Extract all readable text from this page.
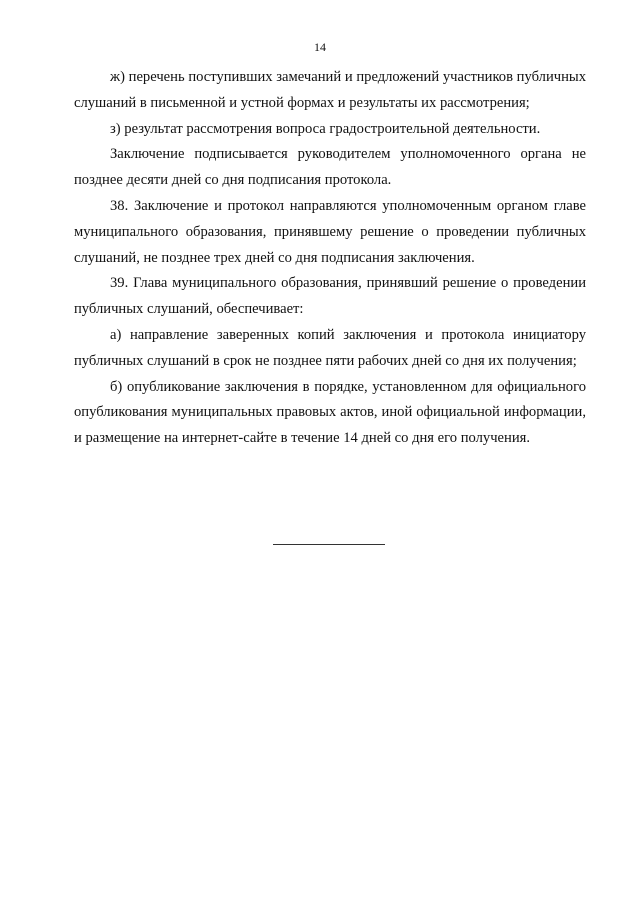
14

ж) перечень поступивших замечаний и предложений участников публичных слушаний в письменной и устной формах и результаты их рассмотрения;

з) результат рассмотрения вопроса градостроительной деятельности.

Заключение подписывается руководителем уполномоченного органа не позднее десяти дней со дня подписания протокола.

38. Заключение и протокол направляются уполномоченным органом главе муниципального образования, принявшему решение о проведении публичных слушаний, не позднее трех дней со дня подписания заключения.

39. Глава муниципального образования, принявший решение о проведении публичных слушаний, обеспечивает:

а) направление заверенных копий заключения и протокола инициатору публичных слушаний в срок не позднее пяти рабочих дней со дня их получения;

б) опубликование заключения в порядке, установленном для официального опубликования муниципальных правовых актов, иной официальной информации, и размещение на интернет-сайте в течение 14 дней со дня его получения.
